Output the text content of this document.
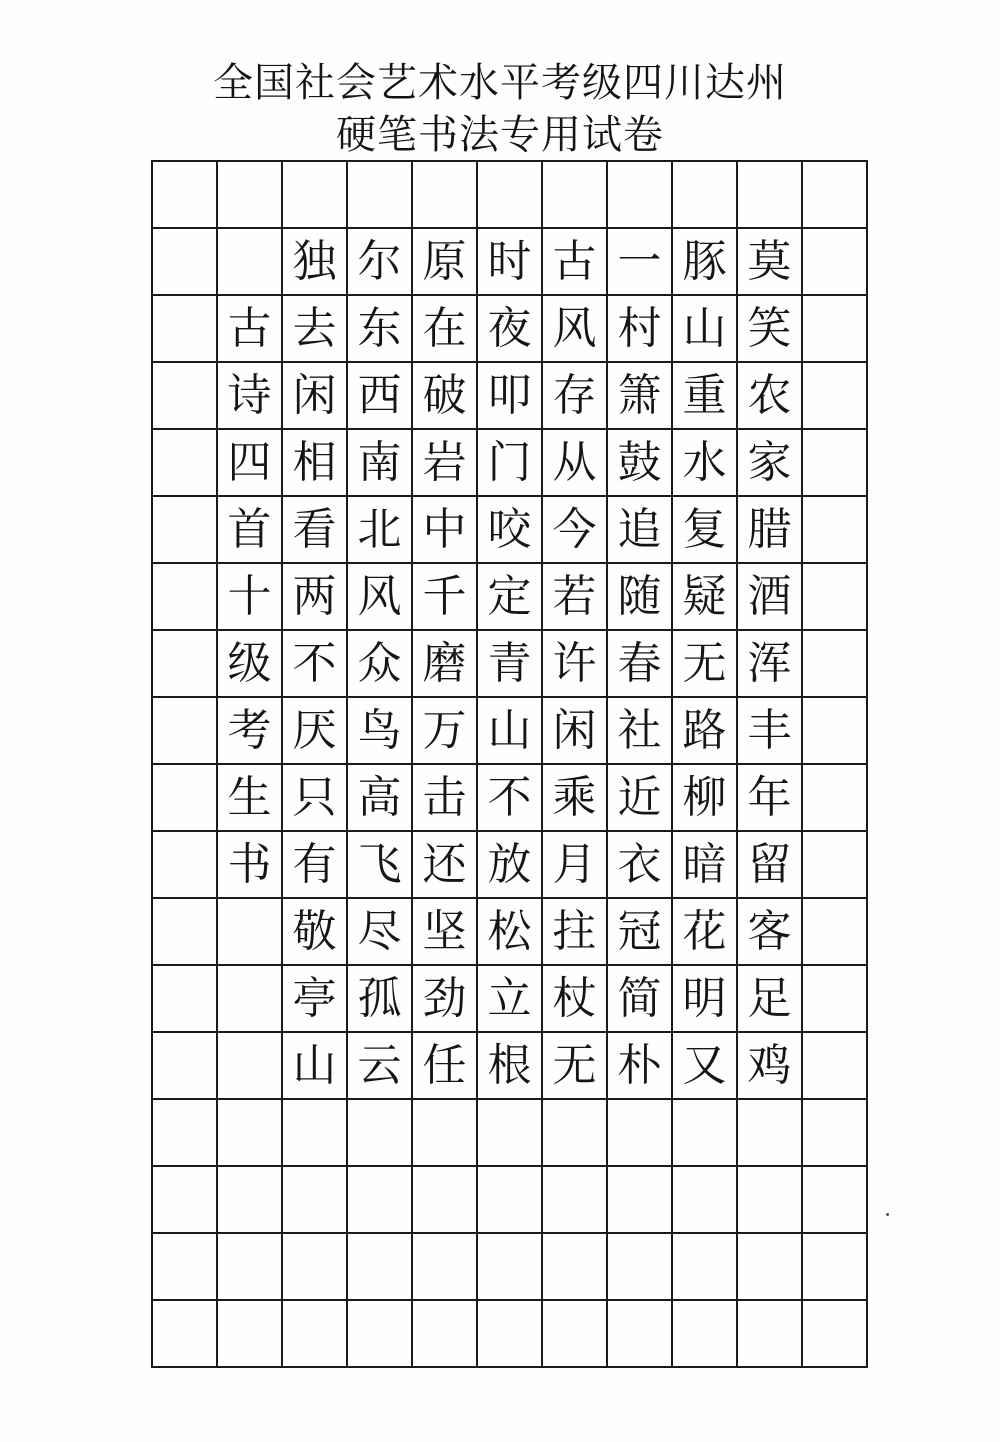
全国社会艺术水平考级四川达州
硬笔书法专用试卷
独 尔 原 时 古 一 豚 莫
古 去 东 在 夜 风 村 山 笑
诗 闲 西 破 叩 存 箫 重 农
四 相 南 岩 门 从 鼓 水 家
首 看 北 中 咬 今 追 复 腊
十 两 风 千 定 若 随 疑 酒
级 不 众 磨 青 许 春 无 浑
考 厌 鸟 万 山 闲 社 路 丰
生 只 高 击 不 乘 近 柳 年
书 有 飞 还 放 月 衣 暗 留
敬 尽 坚 松 拄 冠 花 客
亭 孤 劲 立 杖 简 明 足
山 云 任 根 无 朴 又 鸡
